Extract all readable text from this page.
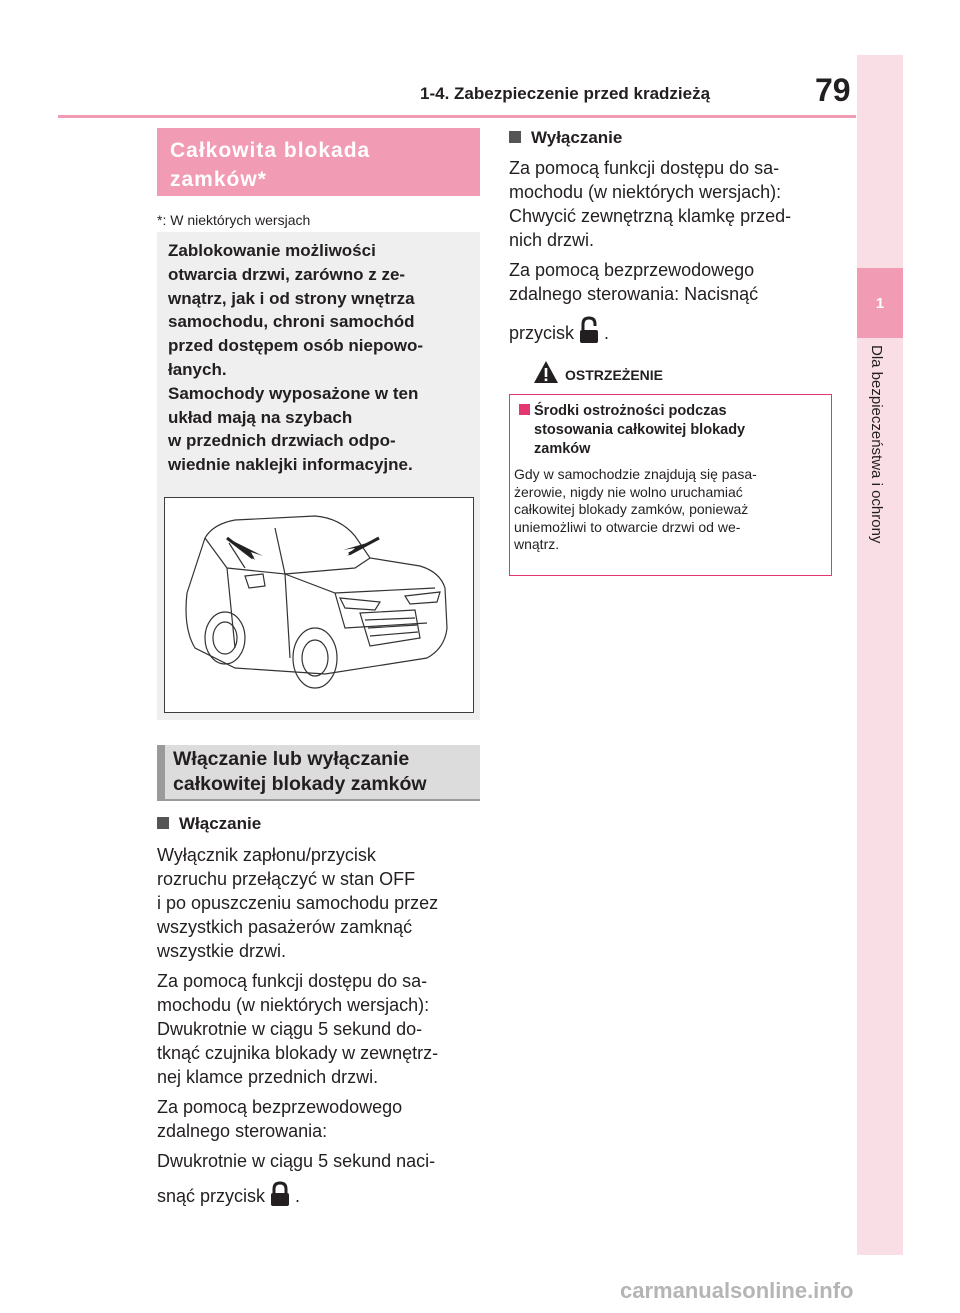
1-4. Zabezpieczenie przed kradzieżą	79
1
Dla bezpieczeństwa i ochrony
Całkowita blokada
zamków*
*: W niektórych wersjach
Zablokowanie możliwości
otwarcia drzwi, zarówno z ze-
wnątrz, jak i od strony wnętrza
samochodu, chroni samochód
przed dostępem osób niepowo-
łanych.
Samochody wyposażone w ten
układ mają na szybach
w przednich drzwiach odpo-
wiednie naklejki informacyjne.
Włączanie lub wyłączanie
całkowitej blokady zamków
Włączanie
Wyłącznik zapłonu/przycisk
rozruchu przełączyć w stan OFF
i po opuszczeniu samochodu przez
wszystkich pasażerów zamknąć
wszystkie drzwi.
Za pomocą funkcji dostępu do sa-
mochodu (w niektórych wersjach):
Dwukrotnie w ciągu 5 sekund do-
tknąć czujnika blokady w zewnętrz-
nej klamce przednich drzwi.
Za pomocą bezprzewodowego
zdalnego sterowania:
Dwukrotnie w ciągu 5 sekund naci-
snąć przycisk .
Wyłączanie
Za pomocą funkcji dostępu do sa-
mochodu (w niektórych wersjach):
Chwycić zewnętrzną klamkę przed-
nich drzwi.
Za pomocą bezprzewodowego
zdalnego sterowania: Nacisnąć
przycisk .
OSTRZEŻENIE
Środki ostrożności podczas
stosowania całkowitej blokady
zamków
Gdy w samochodzie znajdują się pasa-
żerowie, nigdy nie wolno uruchamiać
całkowitej blokady zamków, ponieważ
uniemożliwi to otwarcie drzwi od we-
wnątrz.
carmanualsonline.info
